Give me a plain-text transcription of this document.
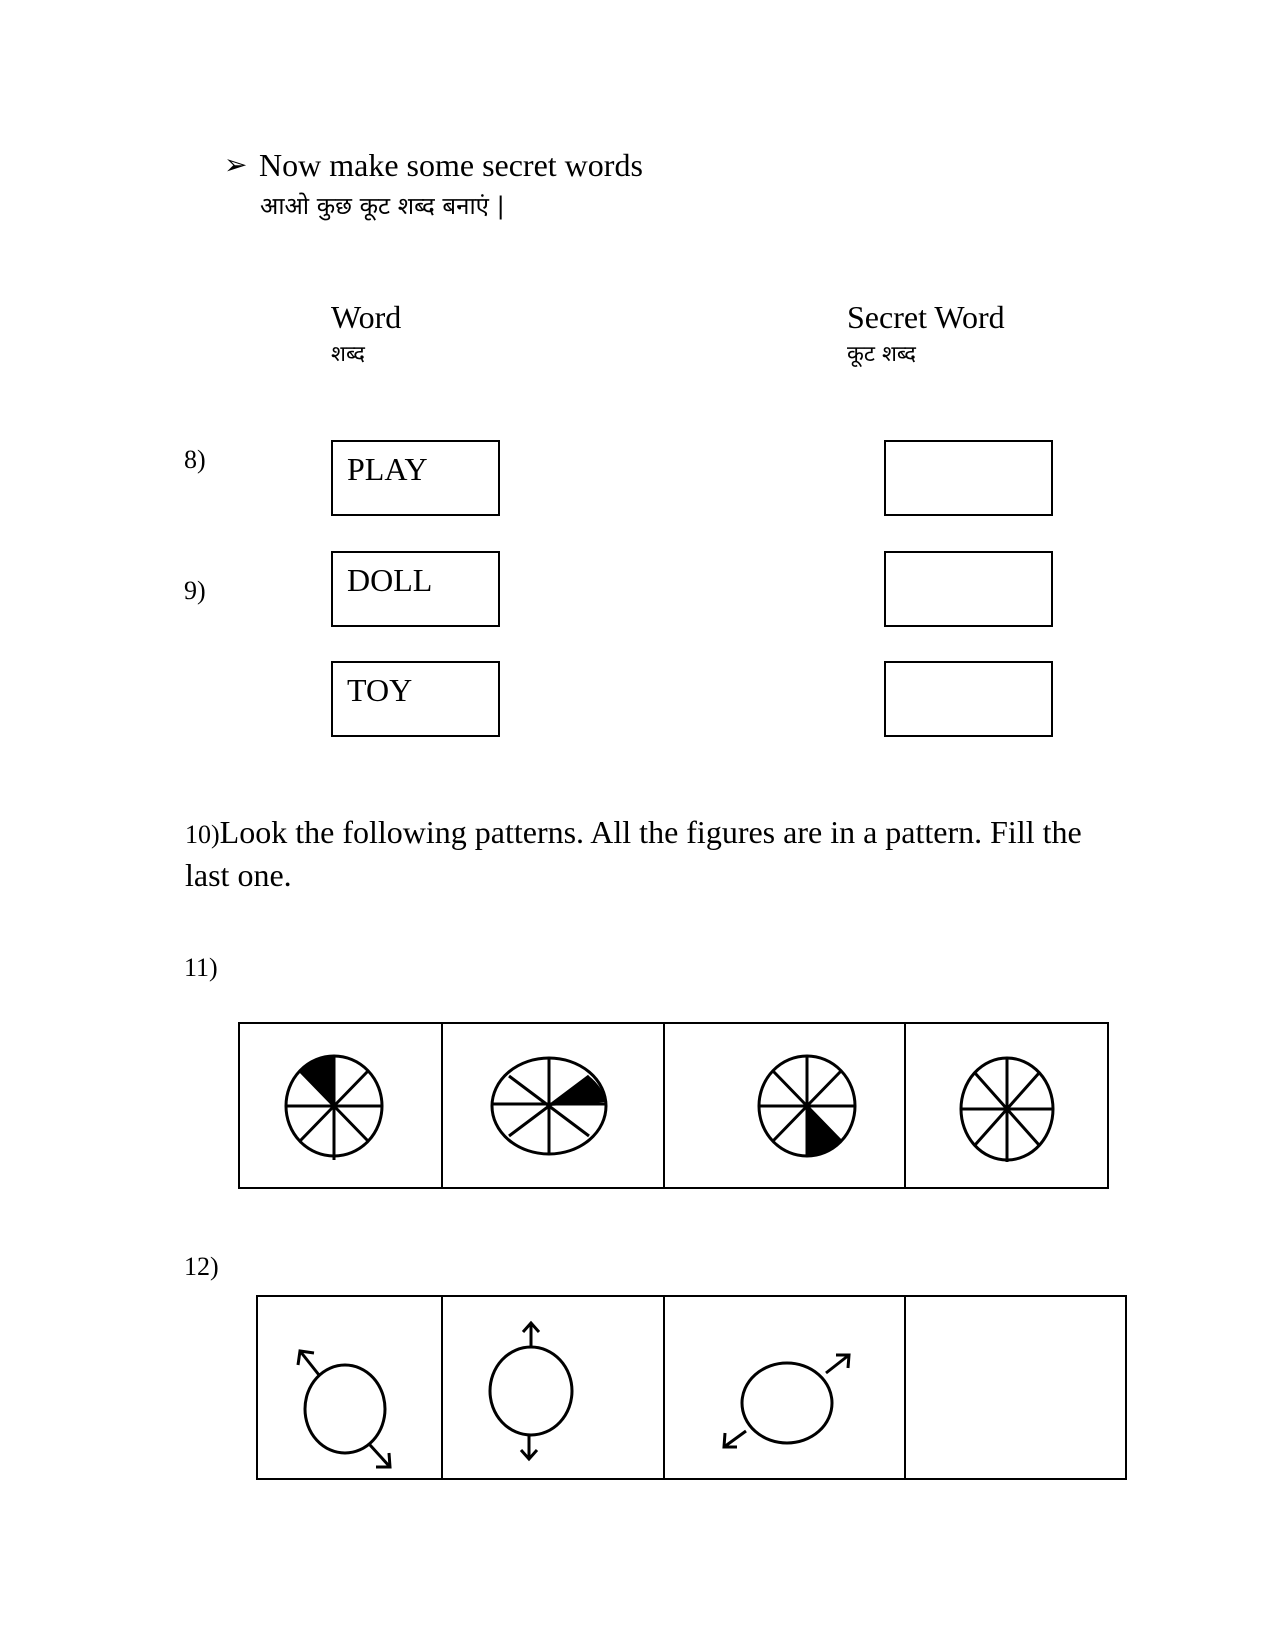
➢ Now make some secret words
आओ कुछ कूट शब्द बनाएं |
Word
शब्द
Secret Word
कूट शब्द
8)	PLAY
9)	DOLL
TOY
10)Look the following patterns. All the figures are in a pattern. Fill the last one.
11)
12)
